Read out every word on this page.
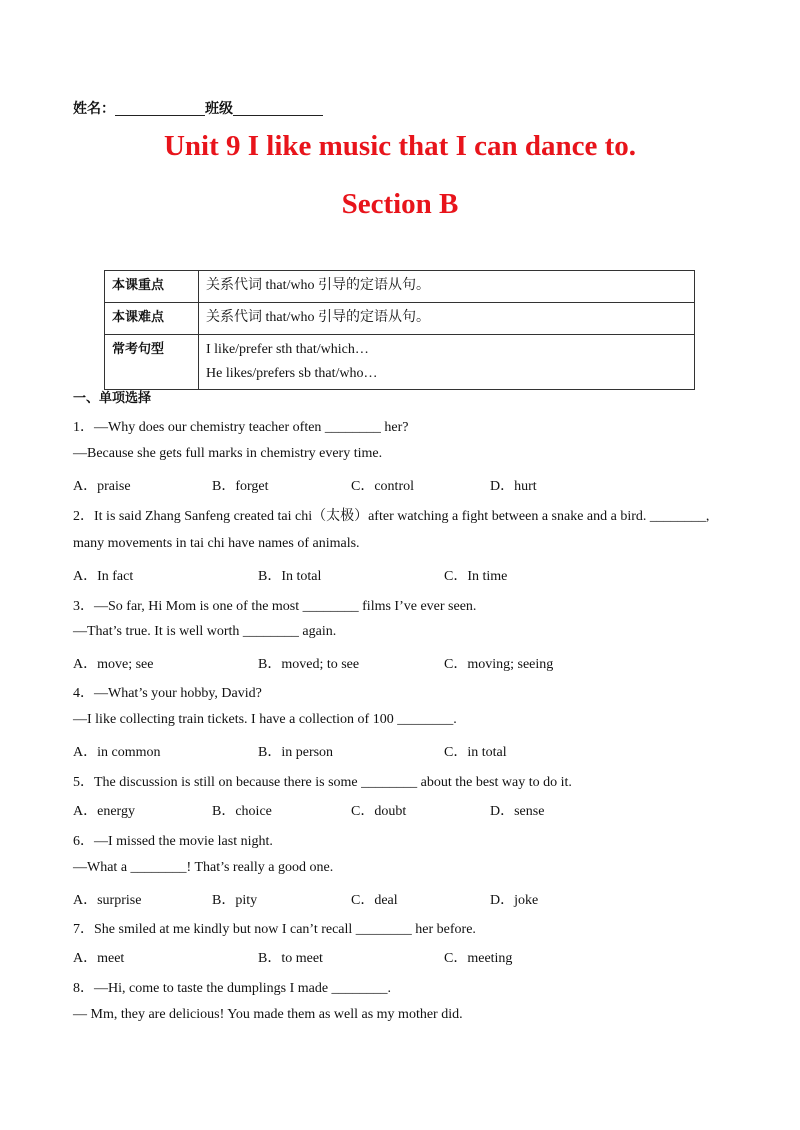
姓名：	班级
Unit 9 I like music that I can dance to.
Section B
本课重点	关系代词 that/who 引导的定语从句。

本课难点	关系代词 that/who 引导的定语从句。

常考句型	I like/prefer sth that/which…
He likes/prefers sb that/who…
一、单项选择
1．—Why does our chemistry teacher often ________ her?
—Because she gets full marks in chemistry every time.
A．praise	B．forget	C．control	D．hurt
2．It is said Zhang Sanfeng created tai chi（太极）after watching a fight between a snake and a bird. ________,
many movements in tai chi have names of animals.
A．In fact	B．In total	C．In time
3．—So far, Hi Mom is one of the most ________ films I’ve ever seen.
—That’s true. It is well worth ________ again.
A．move; see	B．moved; to see	C．moving; seeing
4．—What’s your hobby, David?
—I like collecting train tickets. I have a collection of 100 ________.
A．in common	B．in person	C．in total
5．The discussion is still on because there is some ________ about the best way to do it.
A．energy	B．choice	C．doubt	D．sense
6．—I missed the movie last night.
—What a ________! That’s really a good one.
A．surprise	B．pity	C．deal	D．joke
7．She smiled at me kindly but now I can’t recall ________ her before.
A．meet	B．to meet	C．meeting
8．—Hi, come to taste the dumplings I made ________.
— Mm, they are delicious! You made them as well as my mother did.
